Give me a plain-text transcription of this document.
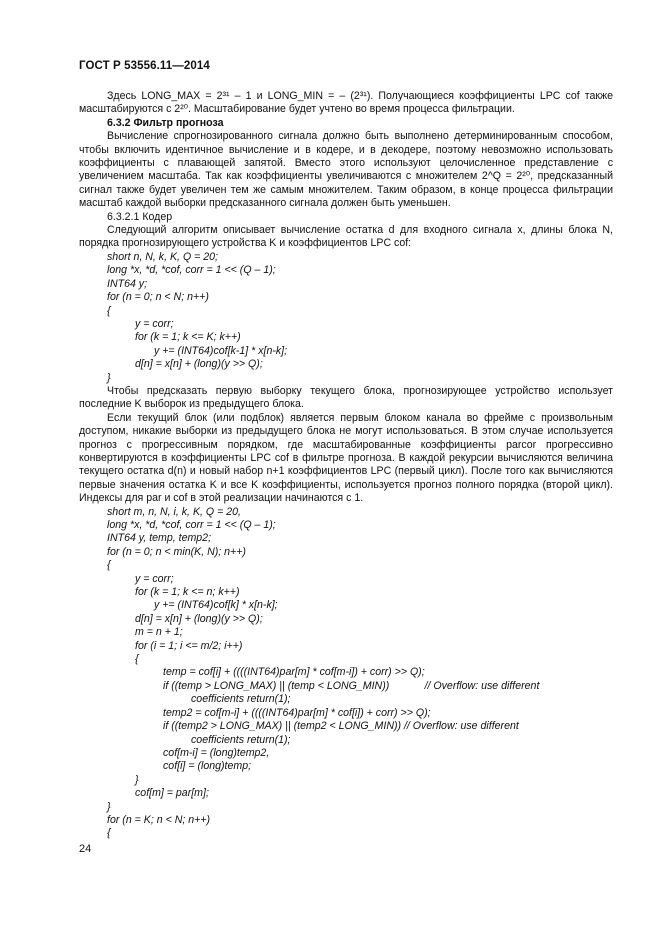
ГОСТ Р 53556.11—2014

Здесь LONG_MAX = 2³¹ – 1 и LONG_MIN = – (2³¹). Получающиеся коэффициенты LPC cof также масштабируются с 2²⁰. Масштабирование будет учтено во время процесса фильтрации.

6.3.2 Фильтр прогноза

Вычисление спрогнозированного сигнала должно быть выполнено детерминированным способом, чтобы включить идентичное вычисление и в кодере, и в декодере, поэтому невозможно использовать коэффициенты с плавающей запятой. Вместо этого используют целочисленное представление с увеличением масштаба. Так как коэффициенты увеличиваются с множителем 2^Q = 2²⁰, предсказанный сигнал также будет увеличен тем же самым множителем. Таким образом, в конце процесса фильтрации масштаб каждой выборки предсказанного сигнала должен быть уменьшен.

6.3.2.1 Кодер

Следующий алгоритм описывает вычисление остатка d для входного сигнала x, длины блока N, порядка прогнозирующего устройства K и коэффициентов LPC cof:

short n, N, k, K, Q = 20;
long *x, *d, *cof, corr = 1 << (Q – 1);
INT64 y;
for (n = 0; n < N; n++)
{
y = corr;
for (k = 1; k <= K; k++)
y += (INT64)cof[k-1] * x[n-k];
d[n] = x[n] + (long)(y >> Q);
}

Чтобы предсказать первую выборку текущего блока, прогнозирующее устройство использует последние K выборок из предыдущего блока.

Если текущий блок (или подблок) является первым блоком канала во фрейме с произвольным доступом, никакие выборки из предыдущего блока не могут использоваться. В этом случае используется прогноз с прогрессивным порядком, где масштабированные коэффициенты parcor прогрессивно конвертируются в коэффициенты LPC cof в фильтре прогноза. В каждой рекурсии вычисляются величина текущего остатка d(n) и новый набор n+1 коэффициентов LPC (первый цикл). После того как вычисляются первые значения остатка K и все K коэффициенты, используется прогноз полного порядка (второй цикл). Индексы для par и cof в этой реализации начинаются с 1.

short m, n, N, i, k, K, Q = 20,
long *x, *d, *cof, corr = 1 << (Q – 1);
INT64 y, temp, temp2;
for (n = 0; n < min(K, N); n++)
{
y = corr;
for (k = 1; k <= n; k++)
y += (INT64)cof[k] * x[n-k];
d[n] = x[n] + (long)(y >> Q);
m = n + 1;
for (i = 1; i <= m/2; i++)
{
temp = cof[i] + ((((INT64)par[m] * cof[m-i]) + corr) >> Q);
if ((temp > LONG_MAX) || (temp < LONG_MIN))            // Overflow: use different
coefficients return(1);
temp2 = cof[m-i] + ((((INT64)par[m] * cof[i]) + corr) >> Q);
if ((temp2 > LONG_MAX) || (temp2 < LONG_MIN)) // Overflow: use different
coefficients return(1);
cof[m-i] = (long)temp2,
cof[i] = (long)temp;
}
cof[m] = par[m];
}
for (n = K; n < N; n++)
{
24
